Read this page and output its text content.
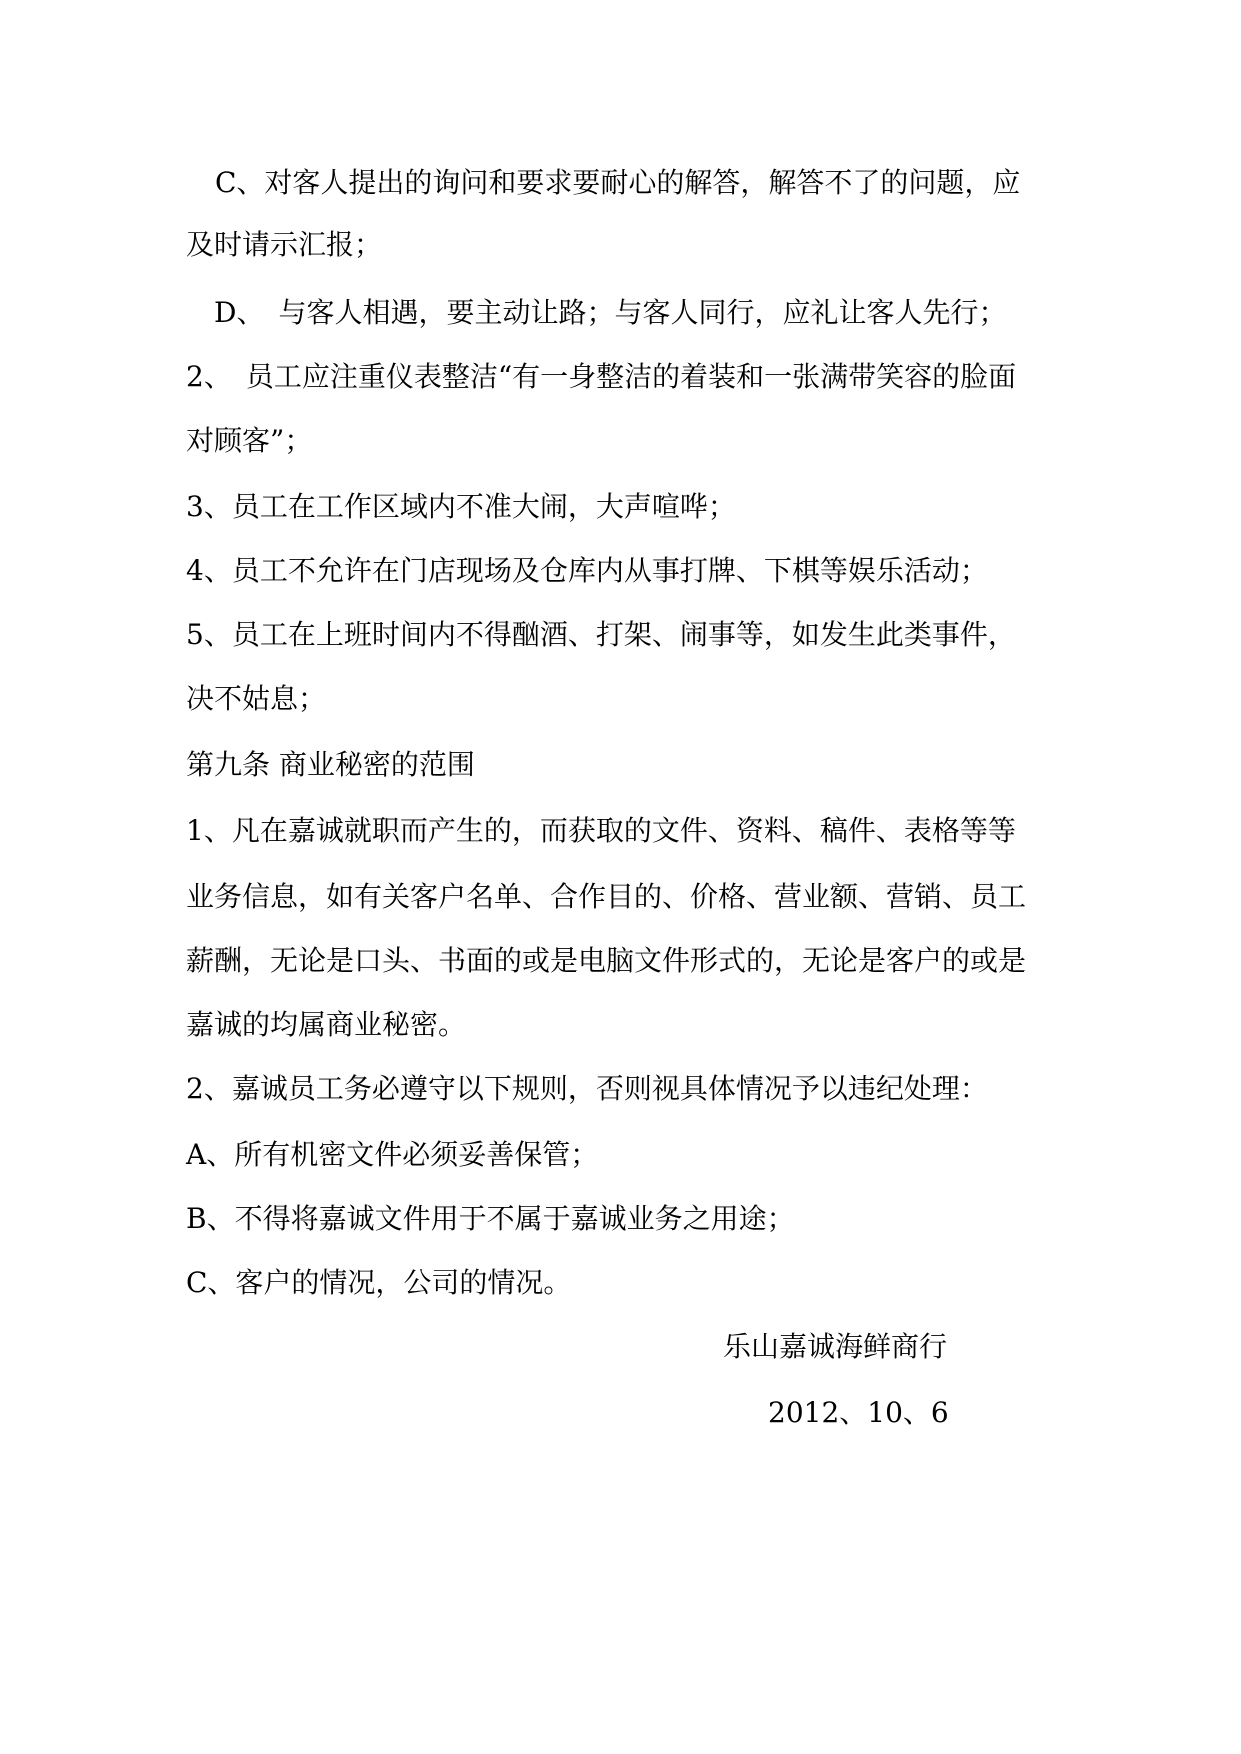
C、对客人提出的询问和要求要耐心的解答，解答不了的问题，应
及时请示汇报；
D、　与客人相遇，要主动让路；与客人同行，应礼让客人先行；
2、　员工应注重仪表整洁“有一身整洁的着装和一张满带笑容的脸面
对顾客”；
3、员工在工作区域内不准大闹，大声喧哗；
4、员工不允许在门店现场及仓库内从事打牌、下棋等娱乐活动；
5、员工在上班时间内不得酗酒、打架、闹事等，如发生此类事件，
决不姑息；
第九条 商业秘密的范围
1、凡在嘉诚就职而产生的，而获取的文件、资料、稿件、表格等等
业务信息，如有关客户名单、合作目的、价格、营业额、营销、员工
薪酬，无论是口头、书面的或是电脑文件形式的，无论是客户的或是
嘉诚的均属商业秘密。
2、嘉诚员工务必遵守以下规则，否则视具体情况予以违纪处理：
A、所有机密文件必须妥善保管；
B、不得将嘉诚文件用于不属于嘉诚业务之用途；
C、客户的情况，公司的情况。
乐山嘉诚海鲜商行
2012、10、6
